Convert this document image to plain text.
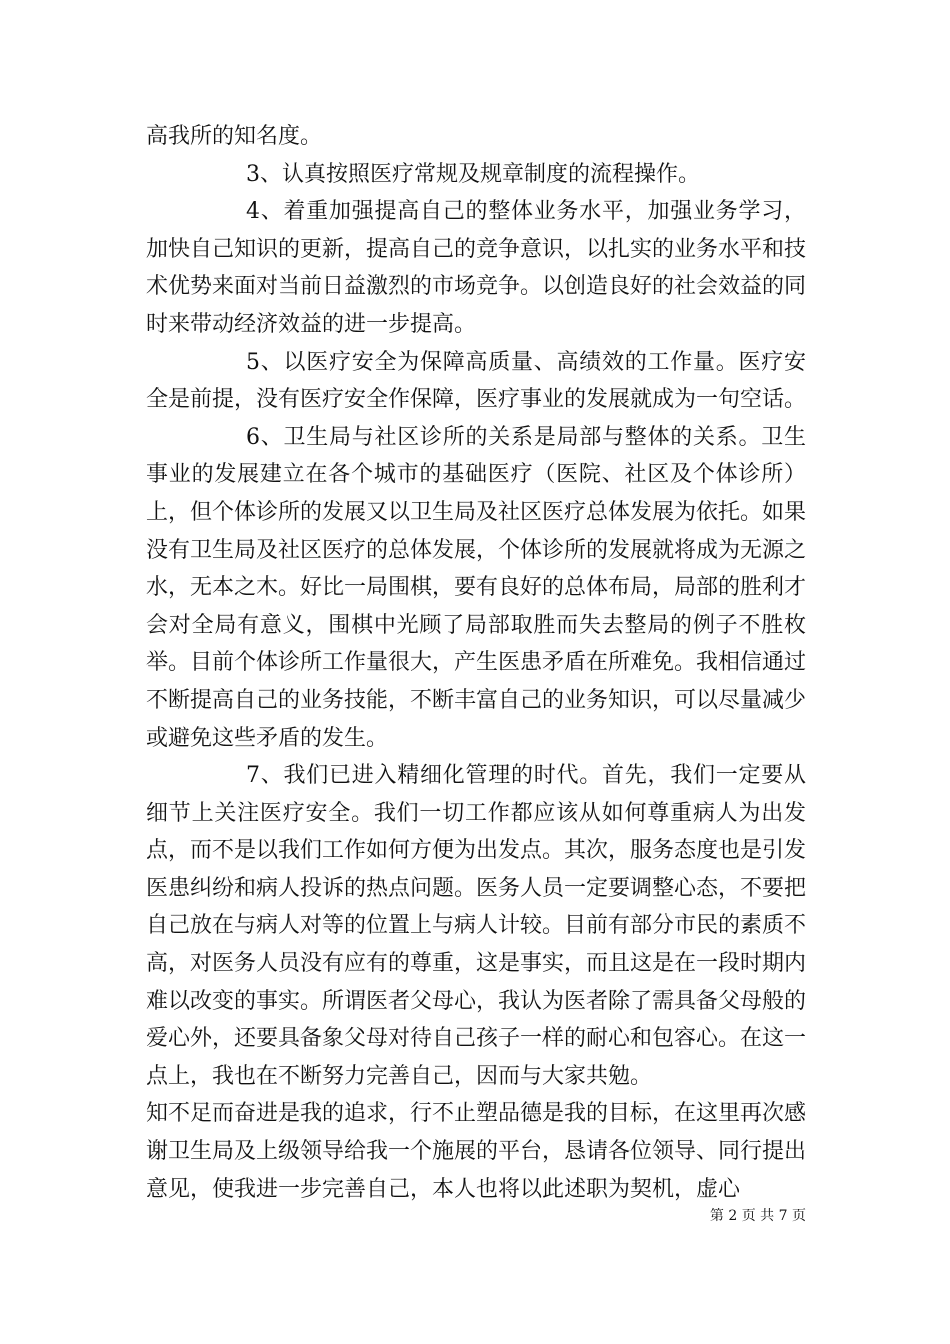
高我所的知名度。

3、认真按照医疗常规及规章制度的流程操作。

4、着重加强提高自己的整体业务水平，加强业务学习，加快自己知识的更新，提高自己的竞争意识，以扎实的业务水平和技术优势来面对当前日益激烈的市场竞争。以创造良好的社会效益的同时来带动经济效益的进一步提高。

5、以医疗安全为保障高质量、高绩效的工作量。医疗安全是前提，没有医疗安全作保障，医疗事业的发展就成为一句空话。

6、卫生局与社区诊所的关系是局部与整体的关系。卫生事业的发展建立在各个城市的基础医疗（医院、社区及个体诊所）上，但个体诊所的发展又以卫生局及社区医疗总体发展为依托。如果没有卫生局及社区医疗的总体发展，个体诊所的发展就将成为无源之水，无本之木。好比一局围棋，要有良好的总体布局，局部的胜利才会对全局有意义，围棋中光顾了局部取胜而失去整局的例子不胜枚举。目前个体诊所工作量很大，产生医患矛盾在所难免。我相信通过不断提高自己的业务技能，不断丰富自己的业务知识，可以尽量减少或避免这些矛盾的发生。

7、我们已进入精细化管理的时代。首先，我们一定要从细节上关注医疗安全。我们一切工作都应该从如何尊重病人为出发点，而不是以我们工作如何方便为出发点。其次，服务态度也是引发医患纠纷和病人投诉的热点问题。医务人员一定要调整心态，不要把自己放在与病人对等的位置上与病人计较。目前有部分市民的素质不高，对医务人员没有应有的尊重，这是事实，而且这是在一段时期内难以改变的事实。所谓医者父母心，我认为医者除了需具备父母般的爱心外，还要具备象父母对待自己孩子一样的耐心和包容心。在这一点上，我也在不断努力完善自己，因而与大家共勉。

知不足而奋进是我的追求，行不止塑品德是我的目标，在这里再次感谢卫生局及上级领导给我一个施展的平台，恳请各位领导、同行提出意见，使我进一步完善自己，本人也将以此述职为契机，虚心

第 2 页 共 7 页
